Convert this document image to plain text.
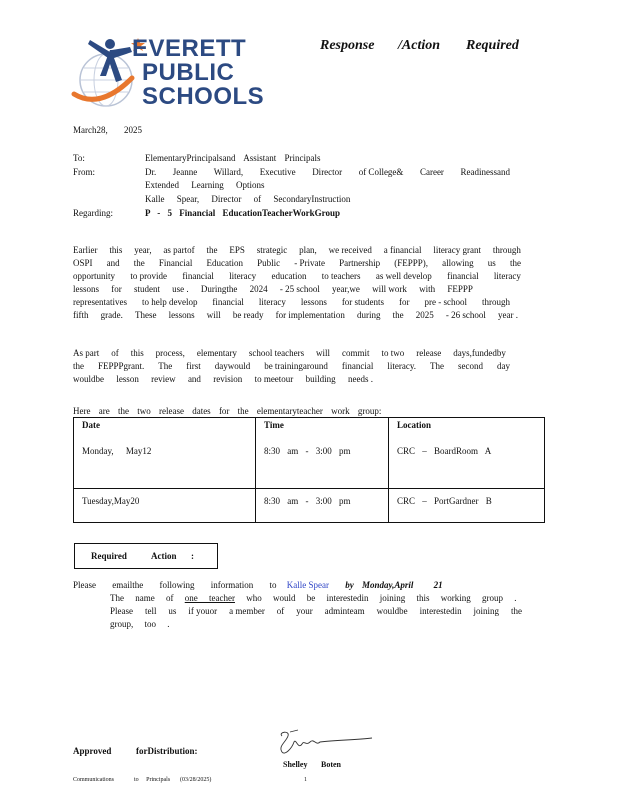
EVERETT
PUBLIC
SCHOOLS
Response /Action Required
March28, 2025
To:	ElementaryPrincipalsand Assistant Principals
From:	Dr. Jeanne Willard, Executive Director of College& Career Readinessand
Extended Learning Options
Kalle Spear, Director of SecondaryInstruction
Regarding:	P - 5 Financial EducationTeacherWorkGroup
Earlier this year, as partof the EPS strategic plan, we received a financial literacy grant through
OSPI and the Financial Education Public - Private Partnership (FEPPP), allowing us the
opportunity to provide financial literacy education to teachers as well develop financial literacy
lessons for student use . Duringthe 2024 - 25 school year,we will work with FEPPP
representatives to help develop financial literacy lessons for students for pre - school through
fifth grade. These lessons will be ready for implementation during the 2025 - 26 school year .
As part of this process, elementary school teachers will commit to two release days,fundedby
the FEPPPgrant. The first daywould be trainingaround financial literacy. The second day
wouldbe lesson review and revision to meetour building needs .
Here are the two release dates for the elementaryteacher work group:
Date	Time	Location
Monday, May12	8:30 am - 3:00 pm	CRC – BoardRoom A
Tuesday,May20	8:30 am - 3:00 pm	CRC – PortGardner B
Required	Action :
Please emailthe following information to Kalle Spear by Monday,April 21
The name of one teacher who would be interestedin joining this working group .
Please tell us if youor a member of your adminteam wouldbe interestedin joining the
group, too .
Approved	forDistribution:
Shelley Boten
Communications	to Principals (03/28/2025)	1
